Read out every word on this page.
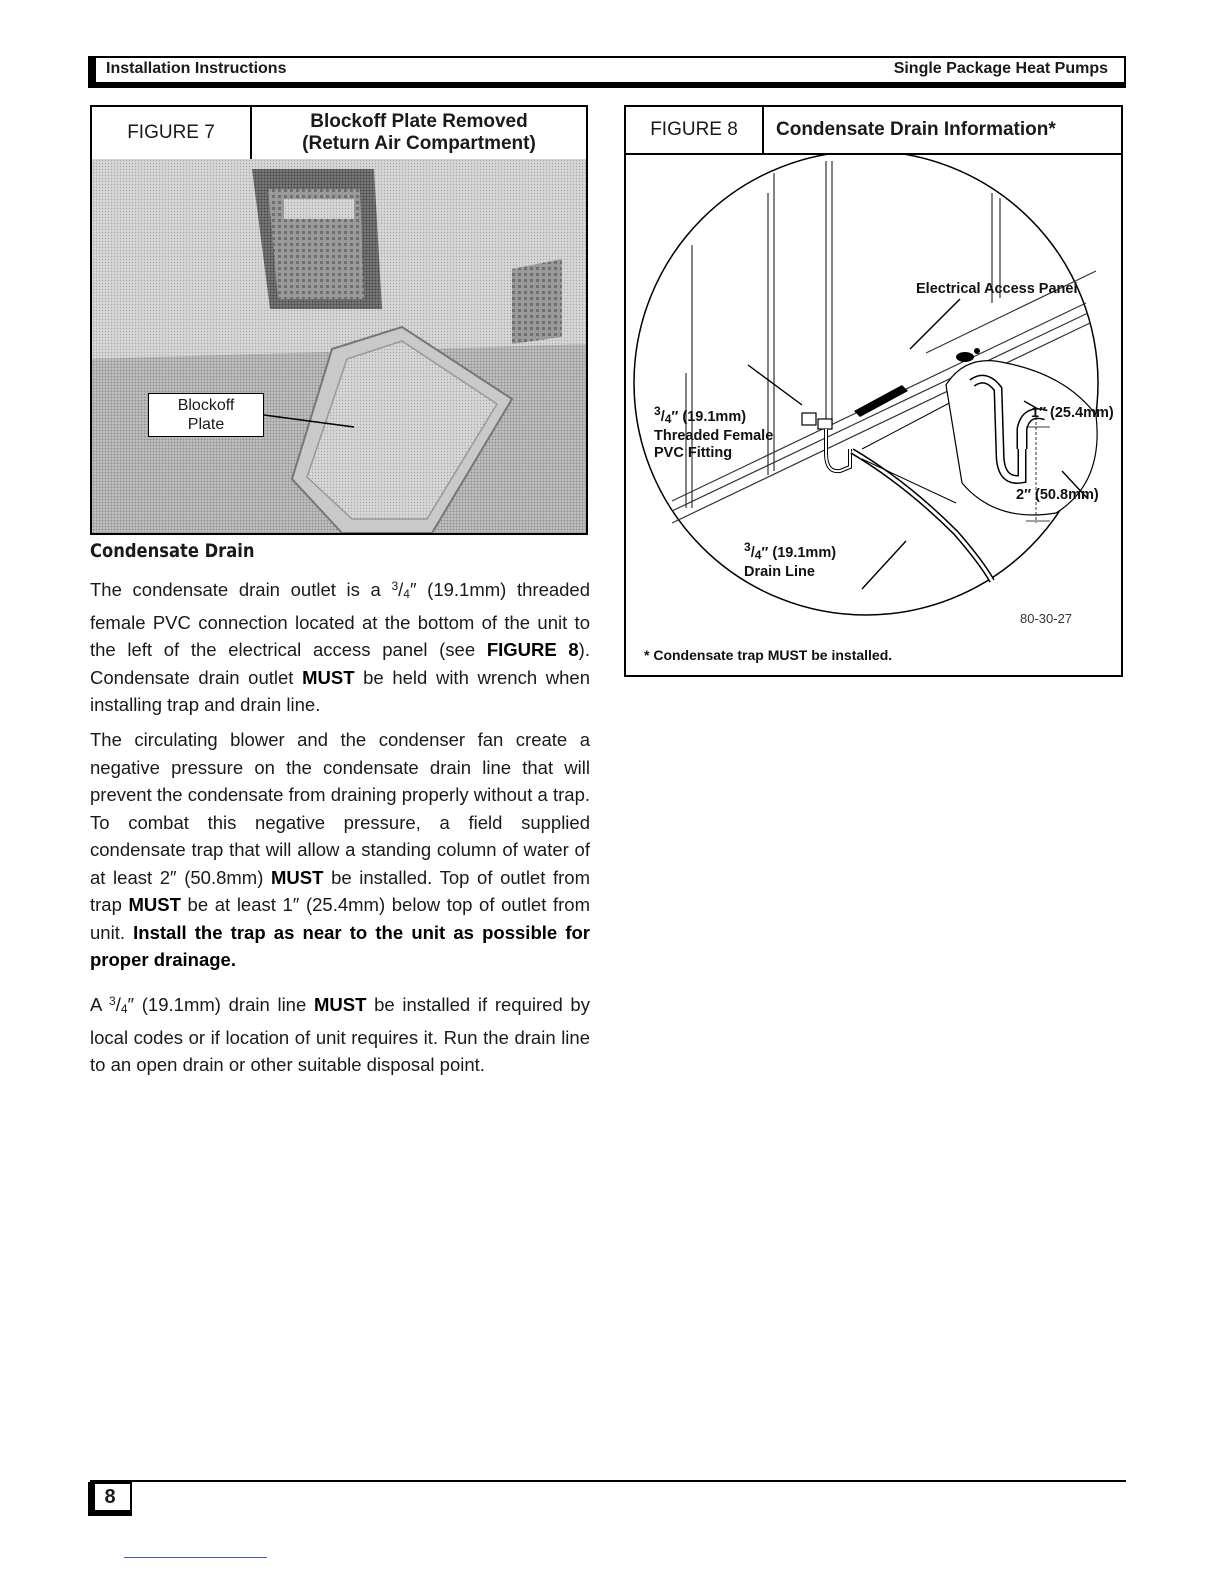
Installation Instructions	Single Package Heat Pumps
FIGURE 7
Blockoff Plate Removed
(Return Air Compartment)
Blockoff
Plate
Condensate Drain
The condensate drain outlet is a $^3/_4''$ (19.1mm) threaded female PVC connection located at the bottom of the unit to the left of the electrical access panel (see FIGURE 8). Condensate drain outlet MUST be held with wrench when installing trap and drain line.
The circulating blower and the condenser fan create a negative pressure on the condensate drain line that will prevent the condensate from draining properly without a trap. To combat this negative pressure, a field supplied condensate trap that will allow a standing column of water of at least 2″ (50.8mm) MUST be installed. Top of outlet from trap MUST be at least 1″ (25.4mm) below top of outlet from unit. Install the trap as near to the unit as possible for proper drainage.
A $^3/_4''$ (19.1mm) drain line MUST be installed if required by local codes or if location of unit requires it. Run the drain line to an open drain or other suitable disposal point.
FIGURE 8	Condensate Drain Information*
Electrical Access Panel
$^3/_4''$ (19.1mm)
Threaded Female
PVC Fitting
1″ (25.4mm)
2″ (50.8mm)
$^3/_4''$ (19.1mm)
Drain Line
80-30-27
* Condensate trap MUST be installed.
8
